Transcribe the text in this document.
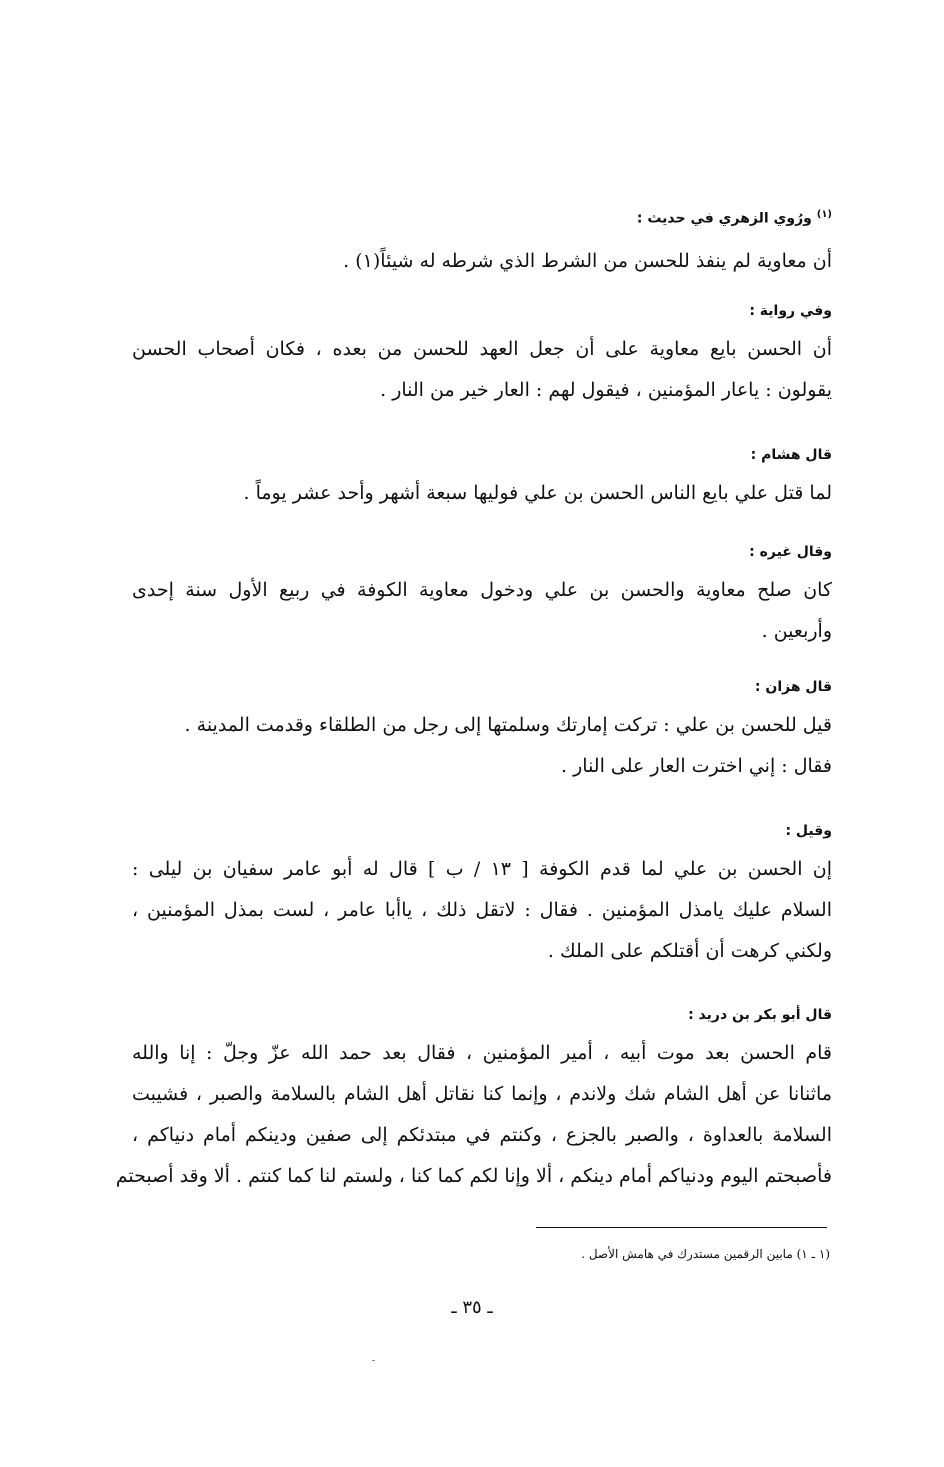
$^{(١)}$ ورُوي الزهري في حديث :

أن معاوية لم ينفذ للحسن من الشرط الذي شرطه له شيئاً(١) .

وفي رواية :

أن الحسن بايع معاوية على أن جعل العهد للحسن من بعده ، فكان أصحاب الحسن

يقولون : ياعار المؤمنين ، فيقول لهم : العار خير من النار .

قال هشام :

لما قتل علي بايع الناس الحسن بن علي فوليها سبعة أشهر وأحد عشر يوماً .

وقال غيره :

كان صلح معاوية والحسن بن علي ودخول معاوية الكوفة في ربيع الأول سنة إحدى

وأربعين .

قال هزان :

قيل للحسن بن علي : تركت إمارتك وسلمتها إلى رجل من الطلقاء وقدمت المدينة .

فقال : إني اخترت العار على النار .

وقيل :

إن الحسن بن علي لما قدم الكوفة [ ١٣ / ب ] قال له أبو عامر سفيان بن ليلى :

السلام عليك يامذل المؤمنين . فقال : لاتقل ذلك ، ياأبا عامر ، لست بمذل المؤمنين ،

ولكني كرهت أن أقتلكم على الملك .

قال أبو بكر بن دريد :

قام الحسن بعد موت أبيه ، أمير المؤمنين ، فقال بعد حمد الله عزّ وجلّ : إنا والله

ماثنانا عن أهل الشام شك ولاندم ، وإنما كنا نقاتل أهل الشام بالسلامة والصبر ، فشيبت

السلامة بالعداوة ، والصبر بالجزع ، وكنتم في مبتدئكم إلى صفين ودينكم أمام دنياكم ،

فأصبحتم اليوم ودنياكم أمام دينكم ، ألا وإنا لكم كما كنا ، ولستم لنا كما كنتم . ألا وقد أصبحتم

(١ ـ ١) مابين الرقمين مستدرك في هامش الأصل .
ـ ٣٥ ـ
